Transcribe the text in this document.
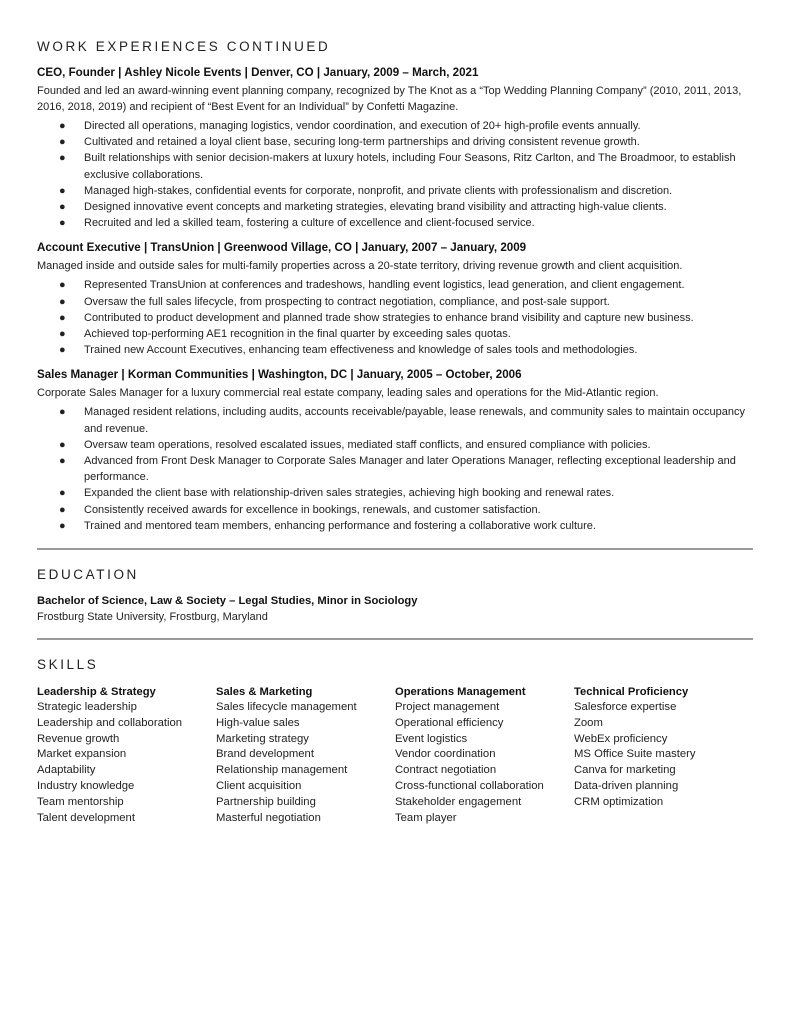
WORK EXPERIENCES CONTINUED
CEO, Founder | Ashley Nicole Events | Denver, CO | January, 2009 – March, 2021
Founded and led an award-winning event planning company, recognized by The Knot as a “Top Wedding Planning Company” (2010, 2011, 2013, 2016, 2018, 2019) and recipient of “Best Event for an Individual” by Confetti Magazine.
● Directed all operations, managing logistics, vendor coordination, and execution of 20+ high-profile events annually.
● Cultivated and retained a loyal client base, securing long-term partnerships and driving consistent revenue growth.
● Built relationships with senior decision-makers at luxury hotels, including Four Seasons, Ritz Carlton, and The Broadmoor, to establish exclusive collaborations.
● Managed high-stakes, confidential events for corporate, nonprofit, and private clients with professionalism and discretion.
● Designed innovative event concepts and marketing strategies, elevating brand visibility and attracting high-value clients.
● Recruited and led a skilled team, fostering a culture of excellence and client-focused service.
Account Executive | TransUnion | Greenwood Village, CO | January, 2007 – January, 2009
Managed inside and outside sales for multi-family properties across a 20-state territory, driving revenue growth and client acquisition.
● Represented TransUnion at conferences and tradeshows, handling event logistics, lead generation, and client engagement.
● Oversaw the full sales lifecycle, from prospecting to contract negotiation, compliance, and post-sale support.
● Contributed to product development and planned trade show strategies to enhance brand visibility and capture new business.
● Achieved top-performing AE1 recognition in the final quarter by exceeding sales quotas.
● Trained new Account Executives, enhancing team effectiveness and knowledge of sales tools and methodologies.
Sales Manager | Korman Communities | Washington, DC | January, 2005 – October, 2006
Corporate Sales Manager for a luxury commercial real estate company, leading sales and operations for the Mid-Atlantic region.
● Managed resident relations, including audits, accounts receivable/payable, lease renewals, and community sales to maintain occupancy and revenue.
● Oversaw team operations, resolved escalated issues, mediated staff conflicts, and ensured compliance with policies.
● Advanced from Front Desk Manager to Corporate Sales Manager and later Operations Manager, reflecting exceptional leadership and performance.
● Expanded the client base with relationship-driven sales strategies, achieving high booking and renewal rates.
● Consistently received awards for excellence in bookings, renewals, and customer satisfaction.
● Trained and mentored team members, enhancing performance and fostering a collaborative work culture.
EDUCATION
Bachelor of Science, Law & Society – Legal Studies, Minor in Sociology
Frostburg State University, Frostburg, Maryland
SKILLS
Leadership & Strategy
Strategic leadership
Leadership and collaboration
Revenue growth
Market expansion
Adaptability
Industry knowledge
Team mentorship
Talent development
Sales & Marketing
Sales lifecycle management
High-value sales
Marketing strategy
Brand development
Relationship management
Client acquisition
Partnership building
Masterful negotiation
Operations Management
Project management
Operational efficiency
Event logistics
Vendor coordination
Contract negotiation
Cross-functional collaboration
Stakeholder engagement
Team player
Technical Proficiency
Salesforce expertise
Zoom
WebEx proficiency
MS Office Suite mastery
Canva for marketing
Data-driven planning
CRM optimization
